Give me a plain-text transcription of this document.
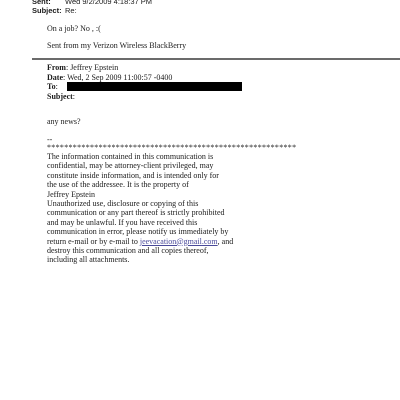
Sent:	Wed 9/2/2009 4:18:37 PM
Subject: Re:
On a job? No , :(
Sent from my Verizon Wireless BlackBerry
From : Jeffrey Epstein
Date : Wed, 2 Sep 2009 11:00:57 -0400
To :
Subject :
any news?
--
**********************************************************
The information contained in this communication is
confidential, may be attorney-client privileged, may
constitute inside information, and is intended only for
the use of the addressee. It is the property of
Jeffrey Epstein
Unauthorized use, disclosure or copying of this
communication or any part thereof is strictly prohibited
and may be unlawful. If you have received this
communication in error, please notify us immediately by
return e-mail or by e-mail to jeevacation@gmail.com, and
destroy this communication and all copies thereof,
including all attachments.
